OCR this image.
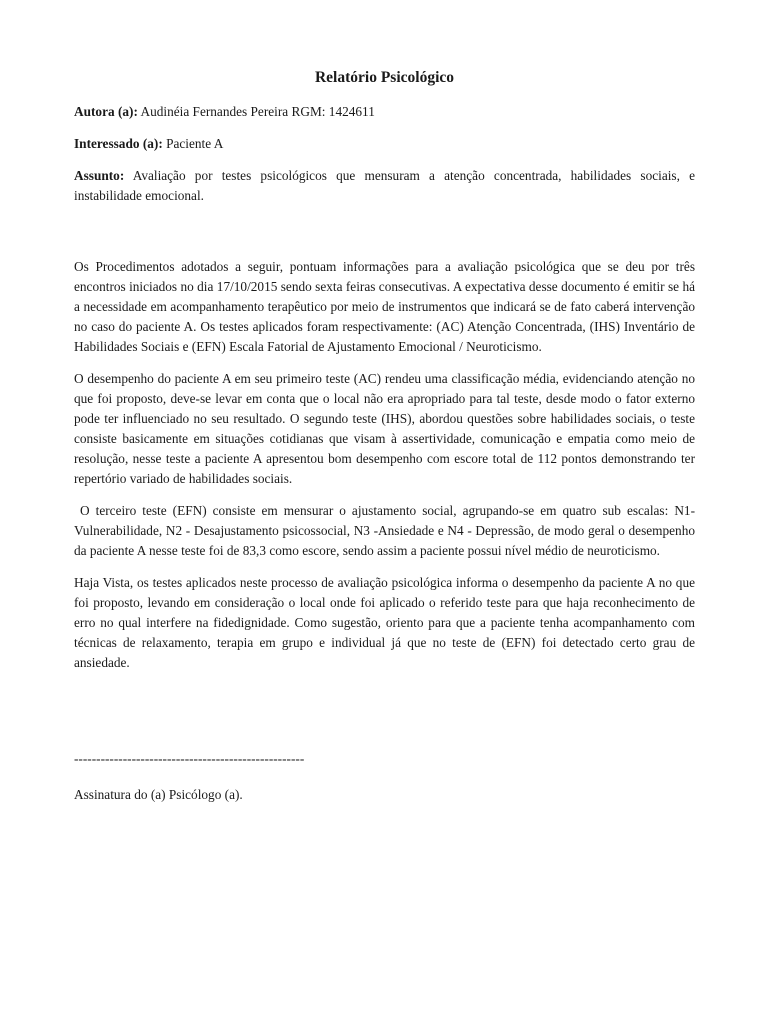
Relatório Psicológico
Autora (a): Audinéia Fernandes Pereira RGM: 1424611
Interessado (a): Paciente A
Assunto: Avaliação por testes psicológicos que mensuram a atenção concentrada, habilidades sociais, e instabilidade emocional.

Os Procedimentos adotados a seguir, pontuam informações para a avaliação psicológica que se deu por três encontros iniciados no dia 17/10/2015 sendo sexta feiras consecutivas. A expectativa desse documento é emitir se há a necessidade em acompanhamento terapêutico por meio de instrumentos que indicará se de fato caberá intervenção no caso do paciente A. Os testes aplicados foram respectivamente: (AC) Atenção Concentrada, (IHS) Inventário de Habilidades Sociais e (EFN) Escala Fatorial de Ajustamento Emocional / Neuroticismo.

O desempenho do paciente A em seu primeiro teste (AC) rendeu uma classificação média, evidenciando atenção no que foi proposto, deve-se levar em conta que o local não era apropriado para tal teste, desde modo o fator externo pode ter influenciado no seu resultado. O segundo teste (IHS), abordou questões sobre habilidades sociais, o teste consiste basicamente em situações cotidianas que visam à assertividade, comunicação e empatia como meio de resolução, nesse teste a paciente A apresentou bom desempenho com escore total de 112 pontos demonstrando ter repertório variado de habilidades sociais.

O terceiro teste (EFN) consiste em mensurar o ajustamento social, agrupando-se em quatro sub escalas: N1- Vulnerabilidade, N2 - Desajustamento psicossocial, N3 -Ansiedade e N4 - Depressão, de modo geral o desempenho da paciente A nesse teste foi de 83,3 como escore, sendo assim a paciente possui nível médio de neuroticismo.

Haja Vista, os testes aplicados neste processo de avaliação psicológica informa o desempenho da paciente A no que foi proposto, levando em consideração o local onde foi aplicado o referido teste para que haja reconhecimento de erro no qual interfere na fidedignidade. Como sugestão, oriento para que a paciente tenha acompanhamento com técnicas de relaxamento, terapia em grupo e individual já que no teste de (EFN) foi detectado certo grau de ansiedade.

----------------------------------------------------
Assinatura do (a) Psicólogo (a).
